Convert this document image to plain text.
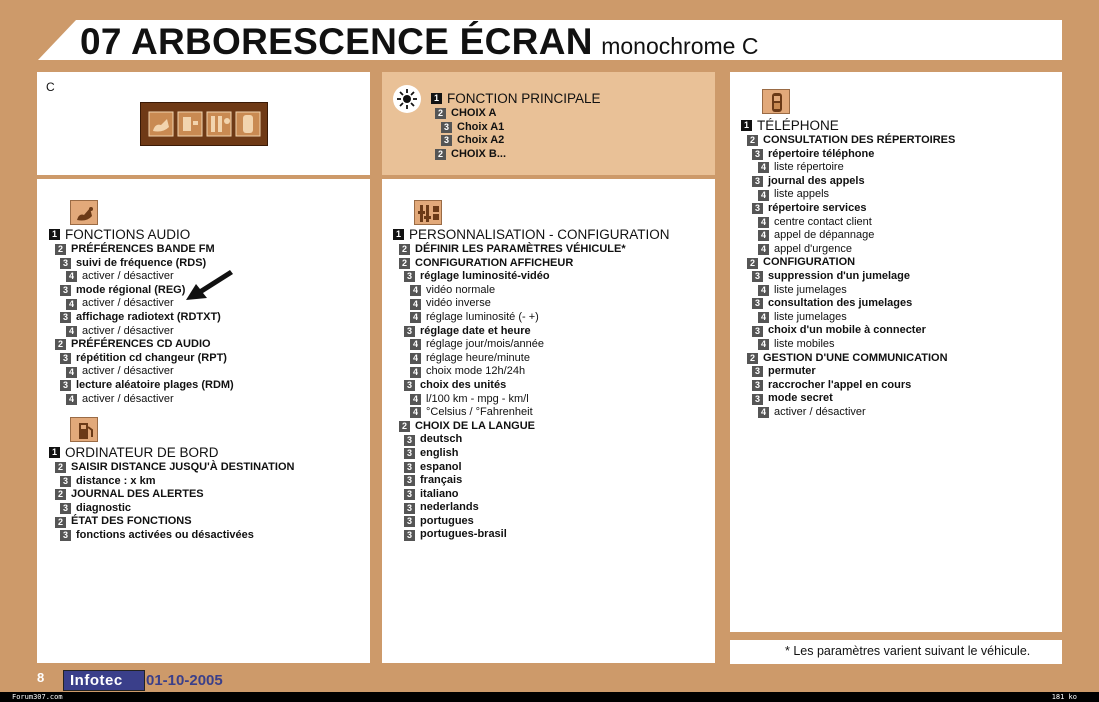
07 ARBORESCENCE ÉCRAN monochrome C
C
1 FONCTION PRINCIPALE
2 CHOIX A
3 Choix A1
3 Choix A2
2 CHOIX B...
1 FONCTIONS AUDIO
2 PRÉFÉRENCES BANDE FM
3 suivi de fréquence (RDS)
4 activer / désactiver
3 mode régional (REG)
4 activer / désactiver
3 affichage radiotext (RDTXT)
4 activer / désactiver
2 PRÉFÉRENCES CD AUDIO
3 répétition cd changeur (RPT)
4 activer / désactiver
3 lecture aléatoire plages (RDM)
4 activer / désactiver
1 ORDINATEUR DE BORD
2 SAISIR DISTANCE JUSQU'À DESTINATION
3 distance : x km
2 JOURNAL DES ALERTES
3 diagnostic
2 ÉTAT DES FONCTIONS
3 fonctions activées ou désactivées
1 PERSONNALISATION - CONFIGURATION
2 DÉFINIR LES PARAMÈTRES VÉHICULE*
2 CONFIGURATION AFFICHEUR
3 réglage luminosité-vidéo
4 vidéo normale
4 vidéo inverse
4 réglage luminosité (- +)
3 réglage date et heure
4 réglage jour/mois/année
4 réglage heure/minute
4 choix mode 12h/24h
3 choix des unités
4 l/100 km - mpg - km/l
4 °Celsius / °Fahrenheit
2 CHOIX DE LA LANGUE
3 deutsch
3 english
3 espanol
3 français
3 italiano
3 nederlands
3 portugues
3 portugues-brasil
1 TÉLÉPHONE
2 CONSULTATION DES RÉPERTOIRES
3 répertoire téléphone
4 liste répertoire
3 journal des appels
4 liste appels
3 répertoire services
4 centre contact client
4 appel de dépannage
4 appel d'urgence
2 CONFIGURATION
3 suppression d'un jumelage
4 liste jumelages
3 consultation des jumelages
4 liste jumelages
3 choix d'un mobile à connecter
4 liste mobiles
2 GESTION D'UNE COMMUNICATION
3 permuter
3 raccrocher l'appel en cours
3 mode secret
4 activer / désactiver
* Les paramètres varient suivant le véhicule.
8	Infotec	01-10-2005
Forum307.com	181 ko
